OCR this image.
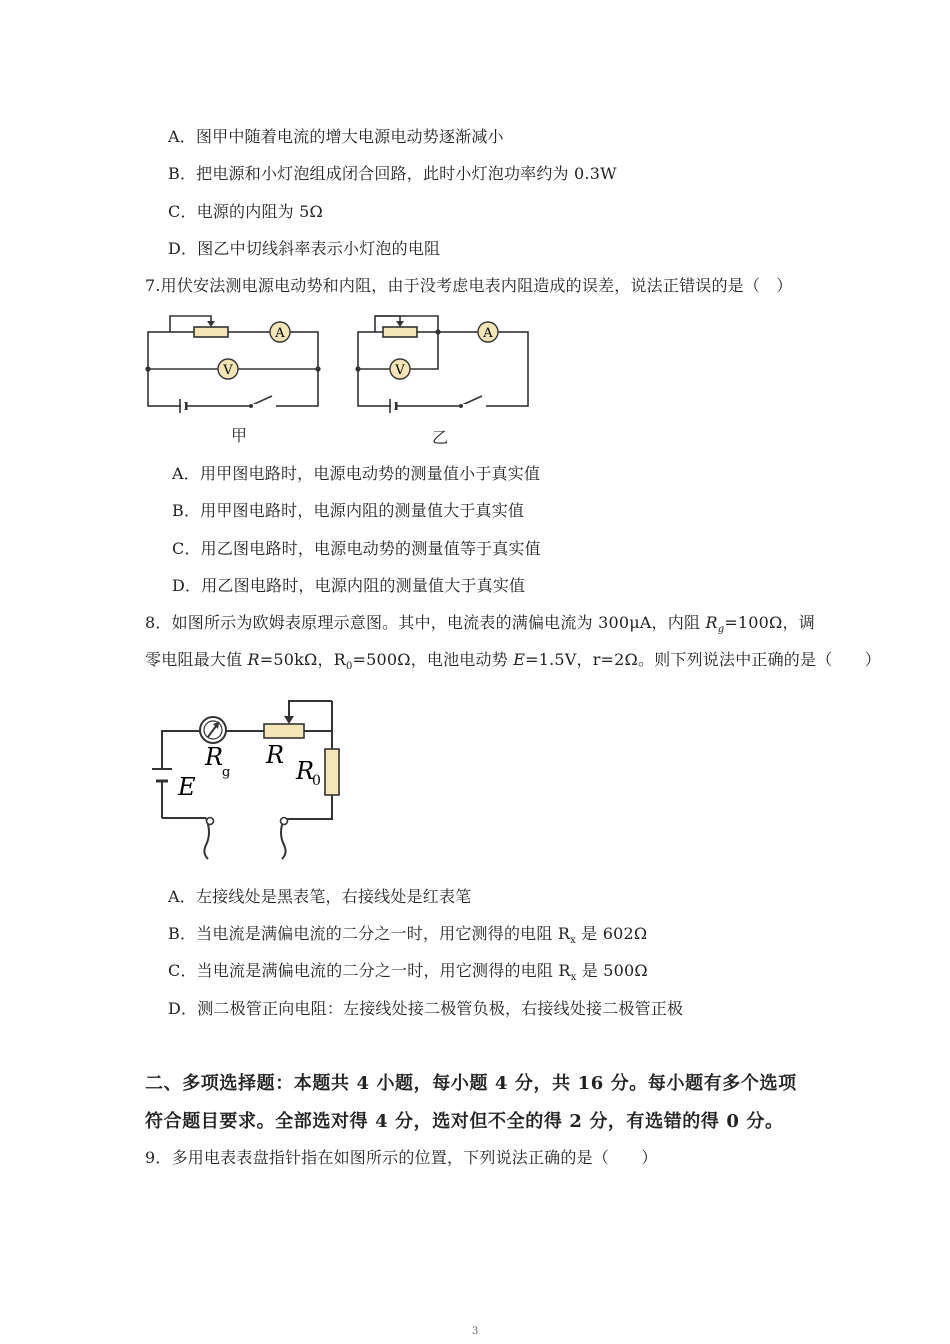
A．图甲中随着电流的增大电源电动势逐渐减小
B．把电源和小灯泡组成闭合回路，此时小灯泡功率约为 0.3W
C．电源的内阻为 5Ω
D．图乙中切线斜率表示小灯泡的电阻
7.用伏安法测电源电动势和内阻，由于没考虑电表内阻造成的误差，说法正错误的是（　）
A
V
A
V
甲	乙
A．用甲图电路时，电源电动势的测量值小于真实值
B．用甲图电路时，电源内阻的测量值大于真实值
C．用乙图电路时，电源电动势的测量值等于真实值
D．用乙图电路时，电源内阻的测量值大于真实值
8．如图所示为欧姆表原理示意图。其中，电流表的满偏电流为 300μA，内阻 $R_g=100\Omega$，调
零电阻最大值 R=50kΩ，$R_0=500\Omega$，电池电动势 E=1.5V，r=2Ω。则下列说法中正确的是（　　）
R
g
E
R
R
0
A．左接线处是黑表笔，右接线处是红表笔
B．当电流是满偏电流的二分之一时，用它测得的电阻 $R_x$ 是 602Ω
C．当电流是满偏电流的二分之一时，用它测得的电阻 $R_x$ 是 500Ω
D．测二极管正向电阻：左接线处接二极管负极，右接线处接二极管正极
二、多项选择题：本题共 4 小题，每小题 4 分，共 16 分。每小题有多个选项
符合题目要求。全部选对得 4 分，选对但不全的得 2 分，有选错的得 0 分。
9．多用电表表盘指针指在如图所示的位置，下列说法正确的是（　　）
3
